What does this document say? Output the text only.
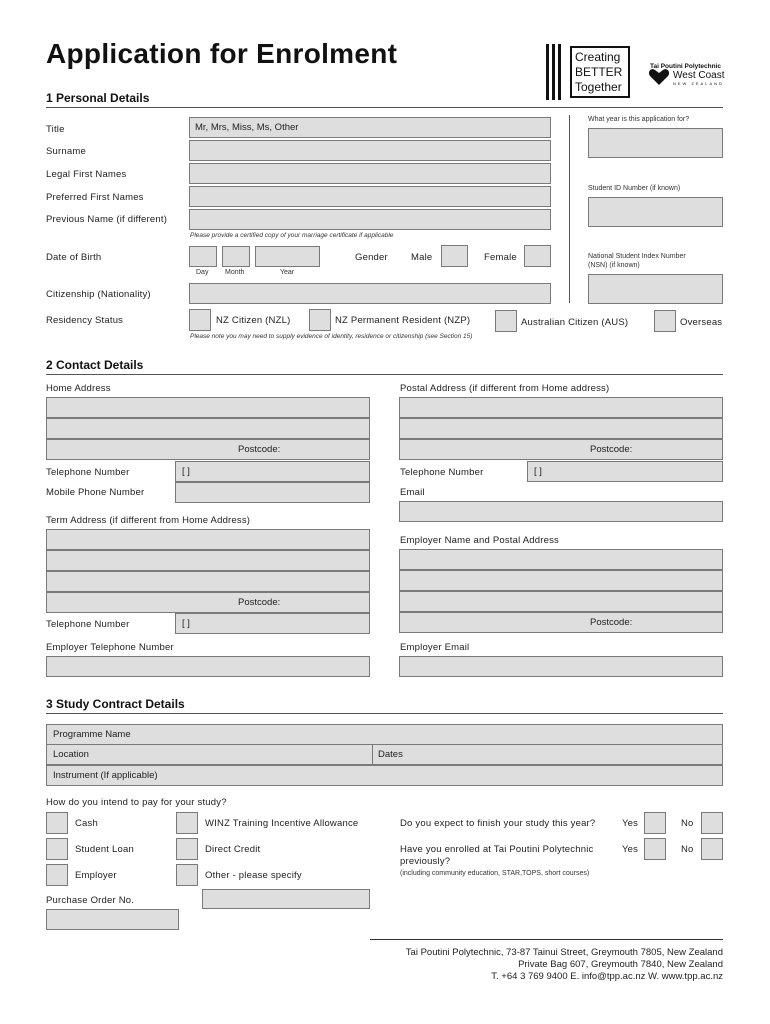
Application for Enrolment	Creating
BETTER
Together
Tai Poutini Polytechnic
West Coast
NEW ZEALAND
1 Personal Details
Title	Mr, Mrs, Miss, Ms, Other
Surname
Legal First Names
Preferred First Names
Previous Name (if different)
Please provide a certified copy of your marriage certificate if applicable
Date of Birth
Day Month	Year
Gender Male	Female
Citizenship (Nationality)
Residency Status	NZ Citizen (NZL)	NZ Permanent Resident (NZP)	Australian Citizen (AUS)	Overseas
Please note you may need to supply evidence of identity, residence or citizenship (see Section 15)
What year is this application for?
Student ID Number (if known)
National Student Index Number
(NSN) (if known)
2 Contact Details
Home Address
Postcode:
Postal Address (if different from Home address)
Postcode:
Telephone Number	[ ]
Mobile Phone Number
Telephone Number	[ ]
Email
Term Address (if different from Home Address)
Postcode:
Telephone Number	[ ]
Employer Name and Postal Address
Postcode:
Employer Telephone Number	Employer Email
3 Study Contract Details
Programme Name
Location	Dates
Instrument (If applicable)
How do you intend to pay for your study?
Cash	WINZ Training Incentive Allowance
Student Loan	Direct Credit
Employer	Other - please specify
Purchase Order No.
Do you expect to finish your study this year?	Yes	No
Have you enrolled at Tai Poutini Polytechnic
previously?
(including community education, STAR,TOPS, short courses)
Yes	No
Tai Poutini Polytechnic, 73-87 Tainui Street, Greymouth 7805, New Zealand
Private Bag 607, Greymouth 7840, New Zealand
T. +64 3 769 9400 E. info@tpp.ac.nz W. www.tpp.ac.nz
